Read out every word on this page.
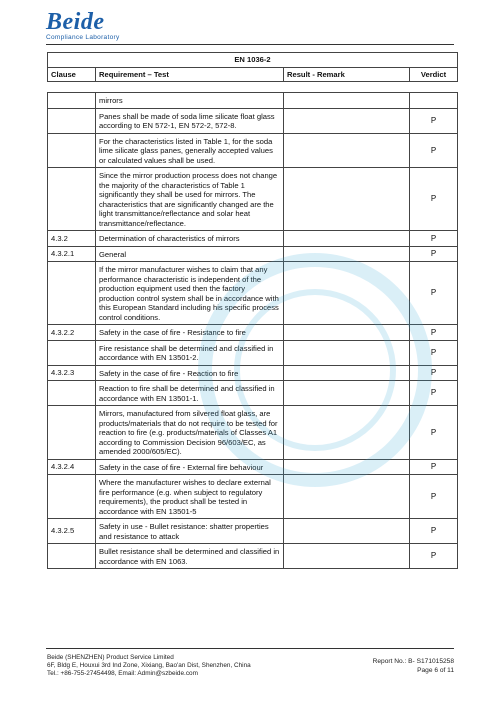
Beide
Compliance Laboratory
EN 1036-2
Clause	Requirement – Test	Result - Remark	Verdict
	mirrors		
	Panes shall be made of soda lime silicate float glass according to EN 572-1, EN 572-2, 572-8.		P
	For the characteristics listed in Table 1, for the soda lime silicate glass panes, generally accepted values or calculated values shall be used.		P
	Since the mirror production process does not change the majority of the characteristics of Table 1 significantly they shall be used for mirrors. The characteristics that are significantly changed are the light transmittance/reflectance and solar heat transmittance/reflectance.		P
4.3.2	Determination of characteristics of mirrors		P
4.3.2.1	General		P
	If the mirror manufacturer wishes to claim that any performance characteristic is independent of the production equipment used then the factory production control system shall be in accordance with this European Standard including his specific process control conditions.		P
4.3.2.2	Safety in the case of fire - Resistance to fire		P
	Fire resistance shall be determined and classified in accordance with EN 13501-2.		P
4.3.2.3	Safety in the case of fire - Reaction to fire		P
	Reaction to fire shall be determined and classified in accordance with EN 13501-1.		P
	Mirrors, manufactured from silvered float glass, are products/materials that do not require to be tested for reaction to fire (e.g. products/materials of Classes A1 according to Commission Decision 96/603/EC, as amended 2000/605/EC).		P
4.3.2.4	Safety in the case of fire - External fire behaviour		P
	Where the manufacturer wishes to declare external fire performance (e.g. when subject to regulatory requirements), the product shall be tested in accordance with EN 13501-5		P
4.3.2.5	Safety in use - Bullet resistance: shatter properties and resistance to attack		P
	Bullet resistance shall be determined and classified in accordance with EN 1063.		P
Beide (SHENZHEN) Product Service Limited
6F, Bldg E, Houxui 3rd Ind Zone, Xixiang, Bao'an Dist, Shenzhen, China
Tel.: +86-755-27454498, Email: Admin@szbeide.com
Report No.: B- S171015258
Page 6 of 11
